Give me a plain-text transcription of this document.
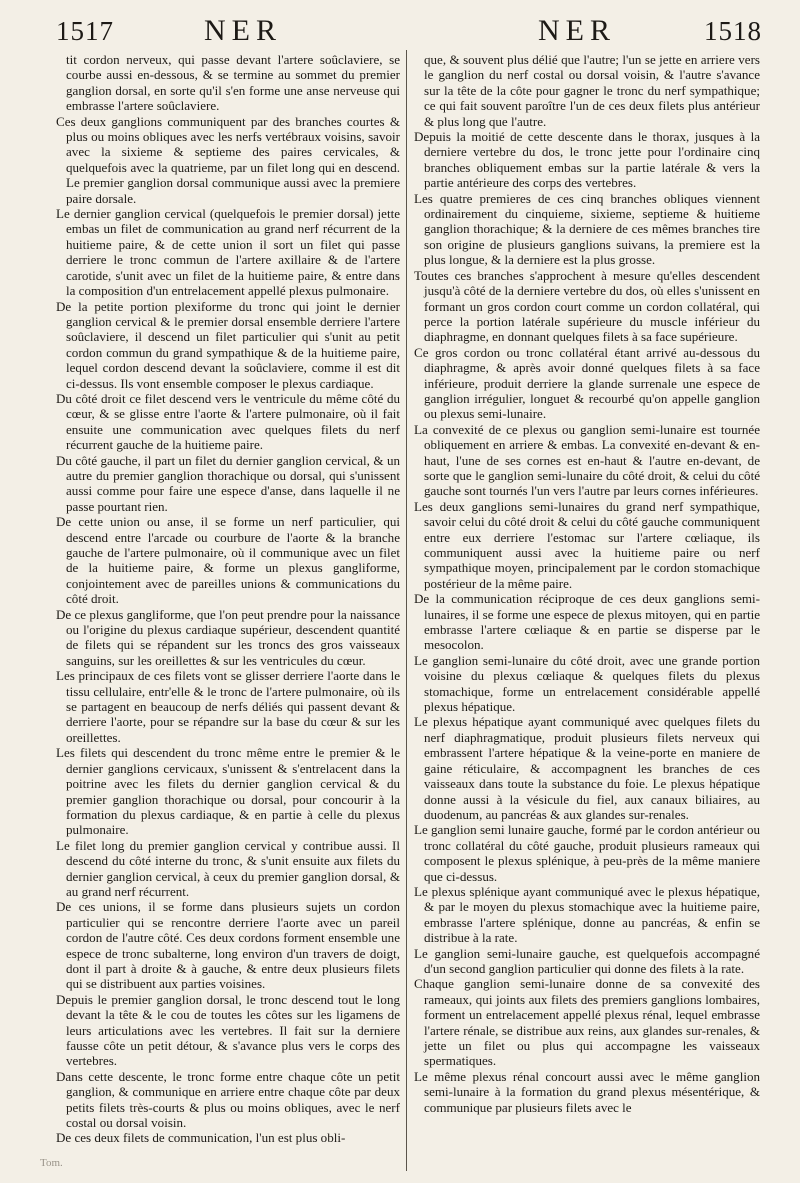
1517	NER	NER	1518

tit cordon nerveux, qui passe devant l'artere soûclaviere, se courbe aussi en-dessous, & se termine au sommet du premier ganglion dorsal, en sorte qu'il s'en forme une anse nerveuse qui embrasse l'artere soûclaviere.

Ces deux ganglions communiquent par des branches courtes & plus ou moins obliques avec les nerfs vertébraux voisins, savoir avec la sixieme & septieme des paires cervicales, & quelquefois avec la quatrieme, par un filet long qui en descend. Le premier ganglion dorsal communique aussi avec la premiere paire dorsale.

Le dernier ganglion cervical (quelquefois le premier dorsal) jette embas un filet de communication au grand nerf récurrent de la huitieme paire, & de cette union il sort un filet qui passe derriere le tronc commun de l'artere axillaire & de l'artere carotide, s'unit avec un filet de la huitieme paire, & entre dans la composition d'un entrelacement appellé plexus pulmonaire.

De la petite portion plexiforme du tronc qui joint le dernier ganglion cervical & le premier dorsal ensemble derriere l'artere soûclaviere, il descend un filet particulier qui s'unit au petit cordon commun du grand sympathique & de la huitieme paire, lequel cordon descend devant la soûclaviere, comme il est dit ci-dessus. Ils vont ensemble composer le plexus cardiaque.

Du côté droit ce filet descend vers le ventricule du même côté du cœur, & se glisse entre l'aorte & l'artere pulmonaire, où il fait ensuite une communication avec quelques filets du nerf récurrent gauche de la huitieme paire.

Du côté gauche, il part un filet du dernier ganglion cervical, & un autre du premier ganglion thorachique ou dorsal, qui s'unissent aussi comme pour faire une espece d'anse, dans laquelle il ne passe pourtant rien.

De cette union ou anse, il se forme un nerf particulier, qui descend entre l'arcade ou courbure de l'aorte & la branche gauche de l'artere pulmonaire, où il communique avec un filet de la huitieme paire, & forme un plexus gangliforme, conjointement avec de pareilles unions & communications du côté droit.

De ce plexus gangliforme, que l'on peut prendre pour la naissance ou l'origine du plexus cardiaque supérieur, descendent quantité de filets qui se répandent sur les troncs des gros vaisseaux sanguins, sur les oreillettes & sur les ventricules du cœur.

Les principaux de ces filets vont se glisser derriere l'aorte dans le tissu cellulaire, entr'elle & le tronc de l'artere pulmonaire, où ils se partagent en beaucoup de nerfs déliés qui passent devant & derriere l'aorte, pour se répandre sur la base du cœur & sur les oreillettes.

Les filets qui descendent du tronc même entre le premier & le dernier ganglions cervicaux, s'unissent & s'entrelacent dans la poitrine avec les filets du dernier ganglion cervical & du premier ganglion thorachique ou dorsal, pour concourir à la formation du plexus cardiaque, & en partie à celle du plexus pulmonaire.

Le filet long du premier ganglion cervical y contribue aussi. Il descend du côté interne du tronc, & s'unit ensuite aux filets du dernier ganglion cervical, à ceux du premier ganglion dorsal, & au grand nerf récurrent.

De ces unions, il se forme dans plusieurs sujets un cordon particulier qui se rencontre derriere l'aorte avec un pareil cordon de l'autre côté. Ces deux cordons forment ensemble une espece de tronc subalterne, long environ d'un travers de doigt, dont il part à droite & à gauche, & entre deux plusieurs filets qui se distribuent aux parties voisines.

Depuis le premier ganglion dorsal, le tronc descend tout le long devant la tête & le cou de toutes les côtes sur les ligamens de leurs articulations avec les vertebres. Il fait sur la derniere fausse côte un petit détour, & s'avance plus vers le corps des vertebres.

Dans cette descente, le tronc forme entre chaque côte un petit ganglion, & communique en arriere entre chaque côte par deux petits filets très-courts & plus ou moins obliques, avec le nerf costal ou dorsal voisin.

De ces deux filets de communication, l'un est plus obli-

que, & souvent plus délié que l'autre; l'un se jette en arriere vers le ganglion du nerf costal ou dorsal voisin, & l'autre s'avance sur la tête de la côte pour gagner le tronc du nerf sympathique; ce qui fait souvent paroître l'un de ces deux filets plus antérieur & plus long que l'autre.

Depuis la moitié de cette descente dans le thorax, jusques à la derniere vertebre du dos, le tronc jette pour l'ordinaire cinq branches obliquement embas sur la partie latérale & vers la partie antérieure des corps des vertebres.

Les quatre premieres de ces cinq branches obliques viennent ordinairement du cinquieme, sixieme, septieme & huitieme ganglion thorachique; & la derniere de ces mêmes branches tire son origine de plusieurs ganglions suivans, la premiere est la plus longue, & la derniere est la plus grosse.

Toutes ces branches s'approchent à mesure qu'elles descendent jusqu'à côté de la derniere vertebre du dos, où elles s'unissent en formant un gros cordon court comme un cordon collatéral, qui perce la portion latérale supérieure du muscle inférieur du diaphragme, en donnant quelques filets à sa face supérieure.

Ce gros cordon ou tronc collatéral étant arrivé au-dessous du diaphragme, & après avoir donné quelques filets à sa face inférieure, produit derriere la glande surrenale une espece de ganglion irrégulier, longuet & recourbé qu'on appelle ganglion ou plexus semi-lunaire.

La convexité de ce plexus ou ganglion semi-lunaire est tournée obliquement en arriere & embas. La convexité en-devant & en-haut, l'une de ses cornes est en-haut & l'autre en-devant, de sorte que le ganglion semi-lunaire du côté droit, & celui du côté gauche sont tournés l'un vers l'autre par leurs cornes inférieures.

Les deux ganglions semi-lunaires du grand nerf sympathique, savoir celui du côté droit & celui du côté gauche communiquent entre eux derriere l'estomac sur l'artere cœliaque, ils communiquent aussi avec la huitieme paire ou nerf sympathique moyen, principalement par le cordon stomachique postérieur de la même paire.

De la communication réciproque de ces deux ganglions semi-lunaires, il se forme une espece de plexus mitoyen, qui en partie embrasse l'artere cœliaque & en partie se disperse par le mesocolon.

Le ganglion semi-lunaire du côté droit, avec une grande portion voisine du plexus cœliaque & quelques filets du plexus stomachique, forme un entrelacement considérable appellé plexus hépatique.

Le plexus hépatique ayant communiqué avec quelques filets du nerf diaphragmatique, produit plusieurs filets nerveux qui embrassent l'artere hépatique & la veine-porte en maniere de gaine réticulaire, & accompagnent les branches de ces vaisseaux dans toute la substance du foie. Le plexus hépatique donne aussi à la vésicule du fiel, aux canaux biliaires, au duodenum, au pancréas & aux glandes sur-renales.

Le ganglion semi lunaire gauche, formé par le cordon antérieur ou tronc collatéral du côté gauche, produit plusieurs rameaux qui composent le plexus splénique, à peu-près de la même maniere que ci-dessus.

Le plexus splénique ayant communiqué avec le plexus hépatique, & par le moyen du plexus stomachique avec la huitieme paire, embrasse l'artere splénique, donne au pancréas, & enfin se distribue à la rate.

Le ganglion semi-lunaire gauche, est quelquefois accompagné d'un second ganglion particulier qui donne des filets à la rate.

Chaque ganglion semi-lunaire donne de sa convexité des rameaux, qui joints aux filets des premiers ganglions lombaires, forment un entrelacement appellé plexus rénal, lequel embrasse l'artere rénale, se distribue aux reins, aux glandes sur-renales, & jette un filet ou plus qui accompagne les vaisseaux spermatiques.

Le même plexus rénal concourt aussi avec le même ganglion semi-lunaire à la formation du grand plexus mésentérique, & communique par plusieurs filets avec le

Tom.
